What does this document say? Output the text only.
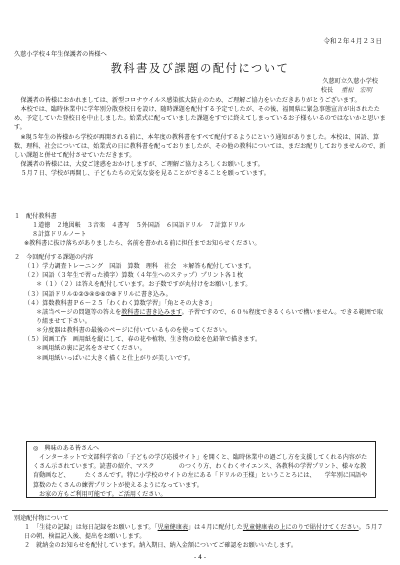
令和２年４月２３日
久慈小学校４年生保護者の皆様へ
教科書及び課題の配付について
久慈町立久慈小学校
校長 重松　宏明

保護者の皆様におかれましては、新型コロナウイルス感染拡大防止のため、ご理解ご協力をいただきありがとうございます。

本校では、臨時休業中に学年別分散登校日を設け、随時課題を配付する予定でしたが、その後、福岡県に緊急事態宣言が出されたため、予定していた登校日を中止しました。始業式に配っていました課題をすでに終えてしまっているお子様もいるのではないかと思います。

※現５年生の皆様から学校が再開される前に、本年度の教科書をすべて配付するようにという通知がありました。本校は、国語、算数、理科、社会については、始業式の日に教科書を配っておりましたが、その他の教科については、まだお配りしておりませんので、新しい課題と併せて配付させていただきます。

保護者の皆様には、大変ご迷惑をおかけしますが、ご理解ご協力よろしくお願いします。

５月７日、学校が再開し、子どもたちの元気な姿を見ることができることを願っています。

１　配付教科書

１道徳　２地図帳　３音楽　４書写　５外国語　６国語ドリル　７計算ドリル

８計算ドリルノート

※教科書に抜け落ちがありましたら、名前を書かれる前に担任までお知らせください。

２　今回配付する課題の内容

（１）学力調査トレーニング　国語　算数　理科　社会　＊解答も配付しています。

（２）国語（３年生で習った漢字）算数（４年生へのステップ）プリント各１枚

＊（１）（２）は答えを配付しています。お子数ですが丸付けをお願いします。

（３）国語ドリル①②③④⑤⑥⑦⑧ドリルに書き込み。

（４）算数教科書Ｐ６～２５「わくわく算数学習」「角とその大きさ」

＊該当ページの問題等の答えを教科書に書き込みます。予習ですので、６０％程度できるくらいで構いません。できる範囲で取り組ませて下さい。

＊分度器は教科書の最後のページに付いているものを使ってください。

（５）図画工作　画用紙を縦にして、春の花や植物、生き物の絵を色鉛筆で描きます。

＊画用紙の裏に記名をさせてください。

＊画用紙いっぱいに大きく描くと仕上がりが美しいです。

◎　興味のある皆さんへ

インターネットで文部科学省の「子どもの学び応援サイト」を開くと、臨時休業中の過ごし方を支援してくれる内容がたくさん示されています。読書の紹介、マスク　　　　のつくり方、わくわくサイエンス、各教科の学習プリント、様々な教育動画など、　　　たくさんです。特に小学校のサイトの左にある「ドリルの王様」ということろには、　　学年別に国語や算数のたくさんの練習プリントが使えるようになっています。

お家の方もご利用可能です。ご活用ください。

別途配付物について

１　「生徒の記録」は毎日記録をお願いします。「児童健康表」は４月に配付した児童健康表の上にのりで貼付けてください。５月７日の朝、検温記入後、提出をお願いします。

２　就納金のお知らせを配付しています。納入期日、納入金額についてご確認をお願いいたします。

- 4 -
